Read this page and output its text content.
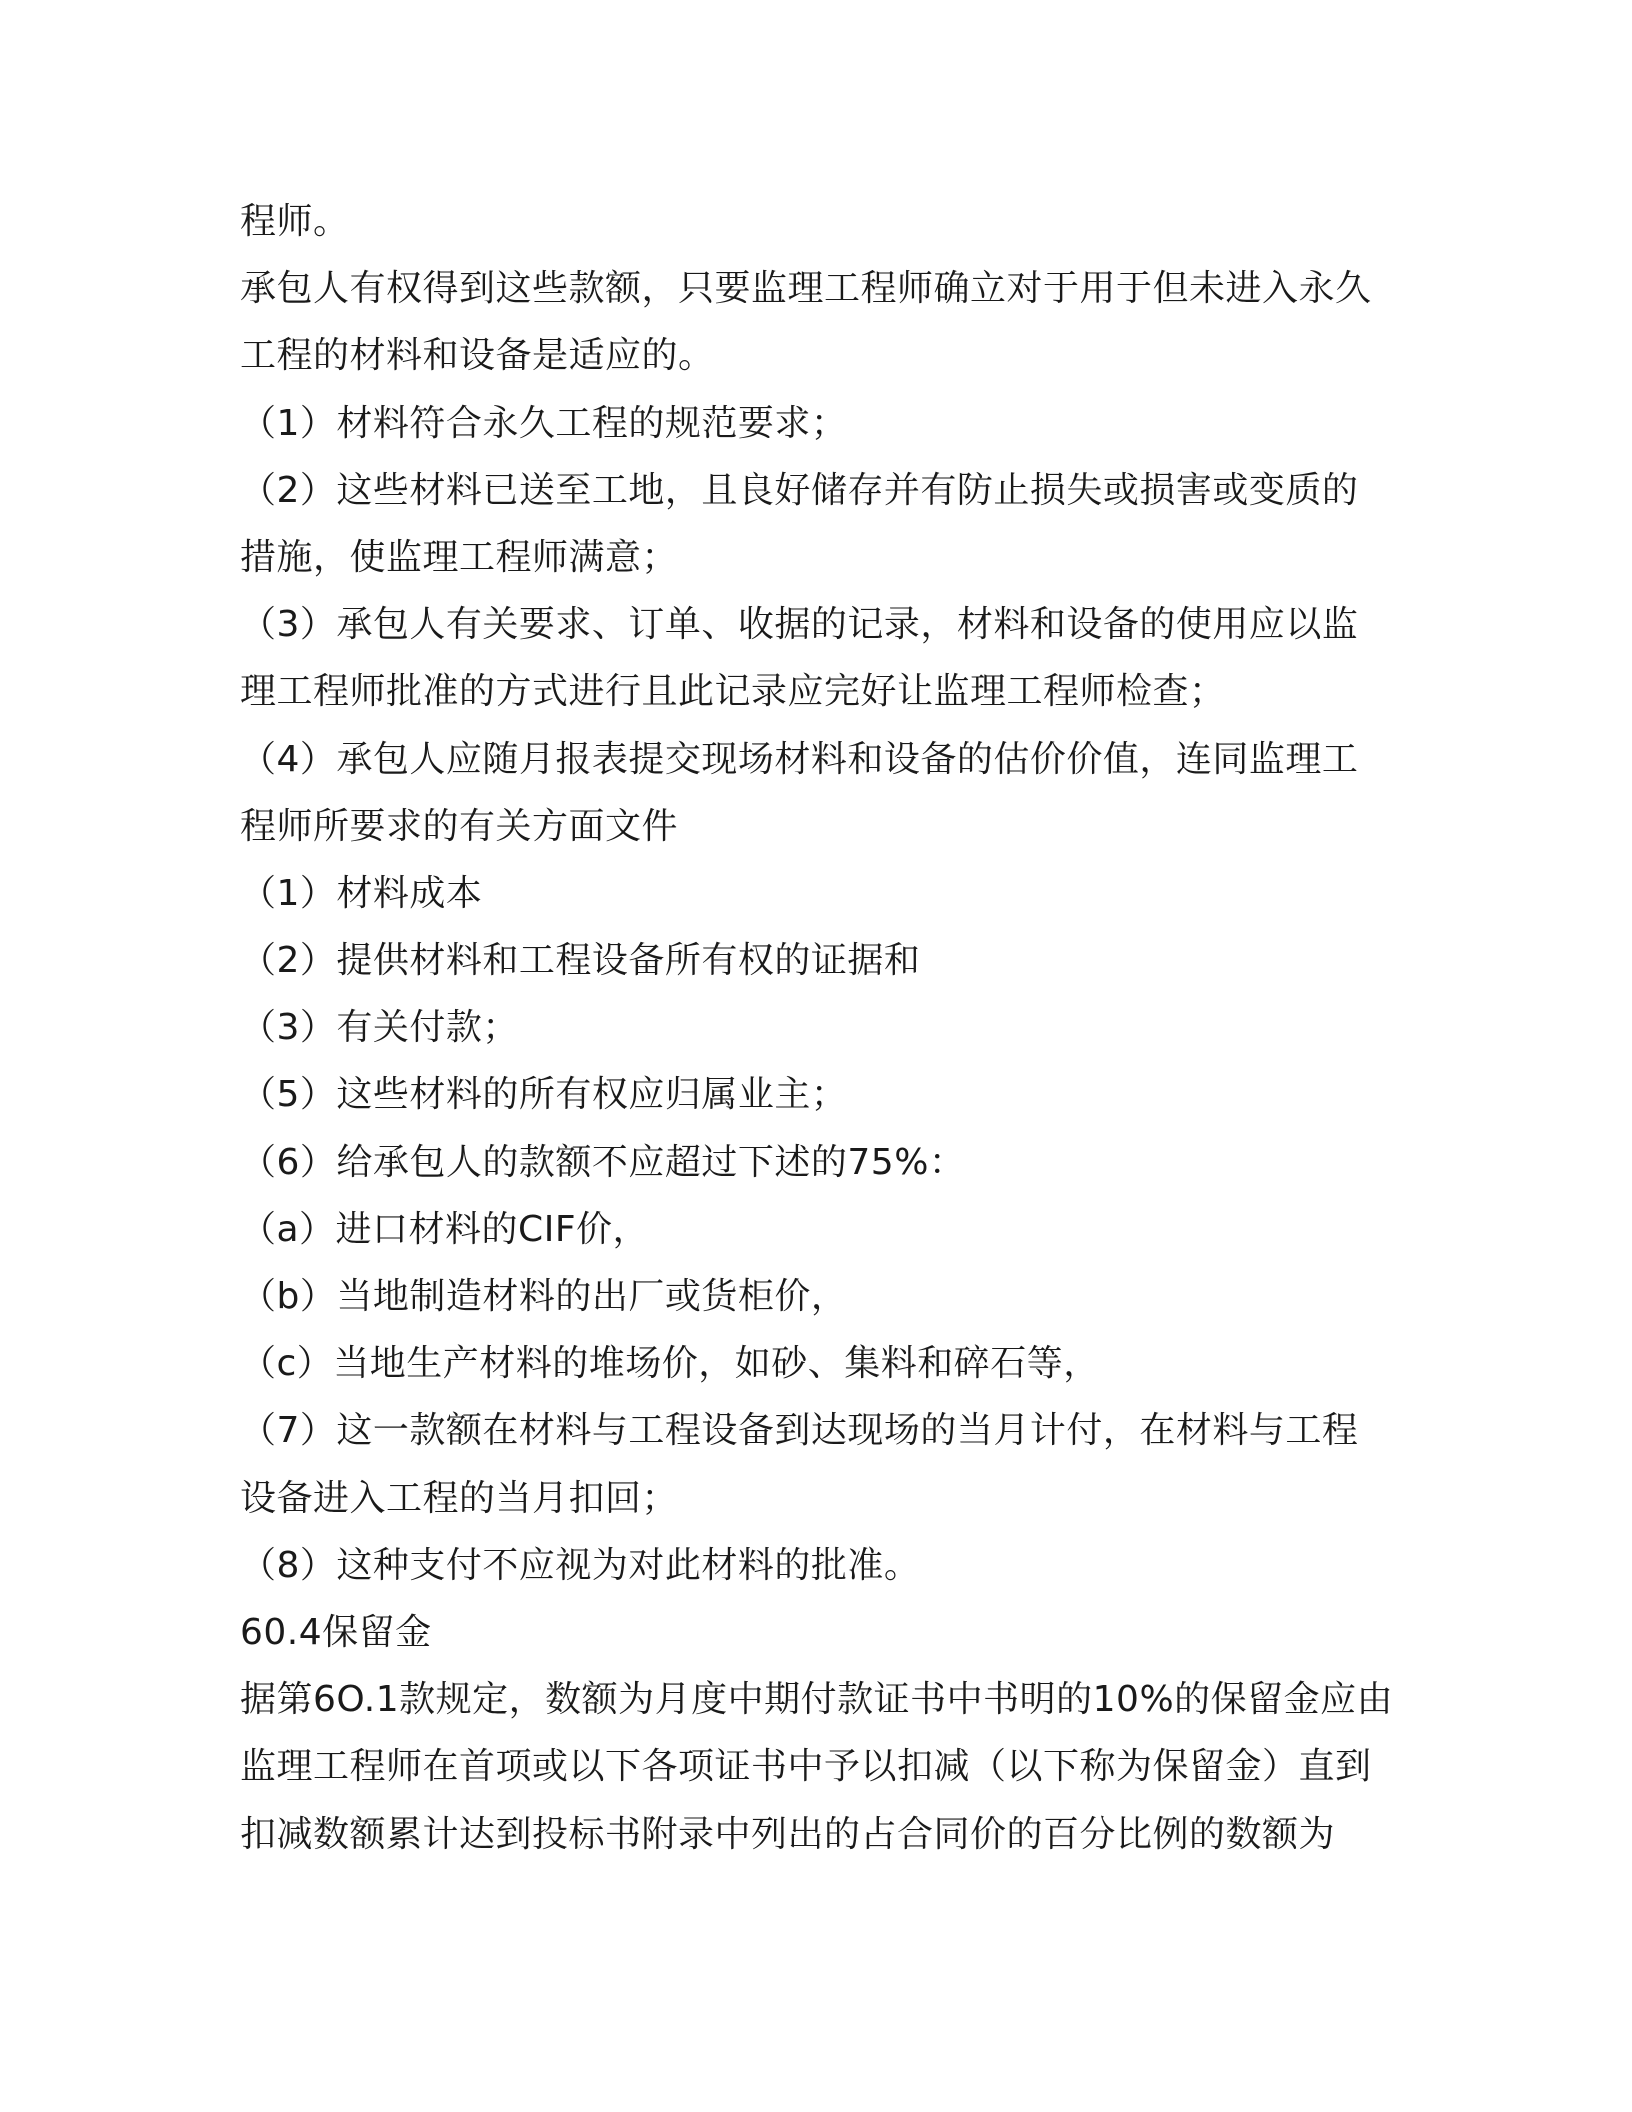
程师。
承包人有权得到这些款额，只要监理工程师确立对于用于但未进入永久
工程的材料和设备是适应的。
（1）材料符合永久工程的规范要求；
（2）这些材料已送至工地，且良好储存并有防止损失或损害或变质的
措施，使监理工程师满意；
（3）承包人有关要求、订单、收据的记录，材料和设备的使用应以监
理工程师批准的方式进行且此记录应完好让监理工程师检查；
（4）承包人应随月报表提交现场材料和设备的估价价值，连同监理工
程师所要求的有关方面文件
（1）材料成本
（2）提供材料和工程设备所有权的证据和
（3）有关付款；
（5）这些材料的所有权应归属业主；
（6）给承包人的款额不应超过下述的75%：
（a）进口材料的CIF价，
（b）当地制造材料的出厂或货柜价，
（c）当地生产材料的堆场价，如砂、集料和碎石等，
（7）这一款额在材料与工程设备到达现场的当月计付，在材料与工程
设备进入工程的当月扣回；
（8）这种支付不应视为对此材料的批准。
60.4保留金
据第6O.1款规定，数额为月度中期付款证书中书明的10%的保留金应由
监理工程师在首项或以下各项证书中予以扣减（以下称为保留金）直到
扣减数额累计达到投标书附录中列出的占合同价的百分比例的数额为
